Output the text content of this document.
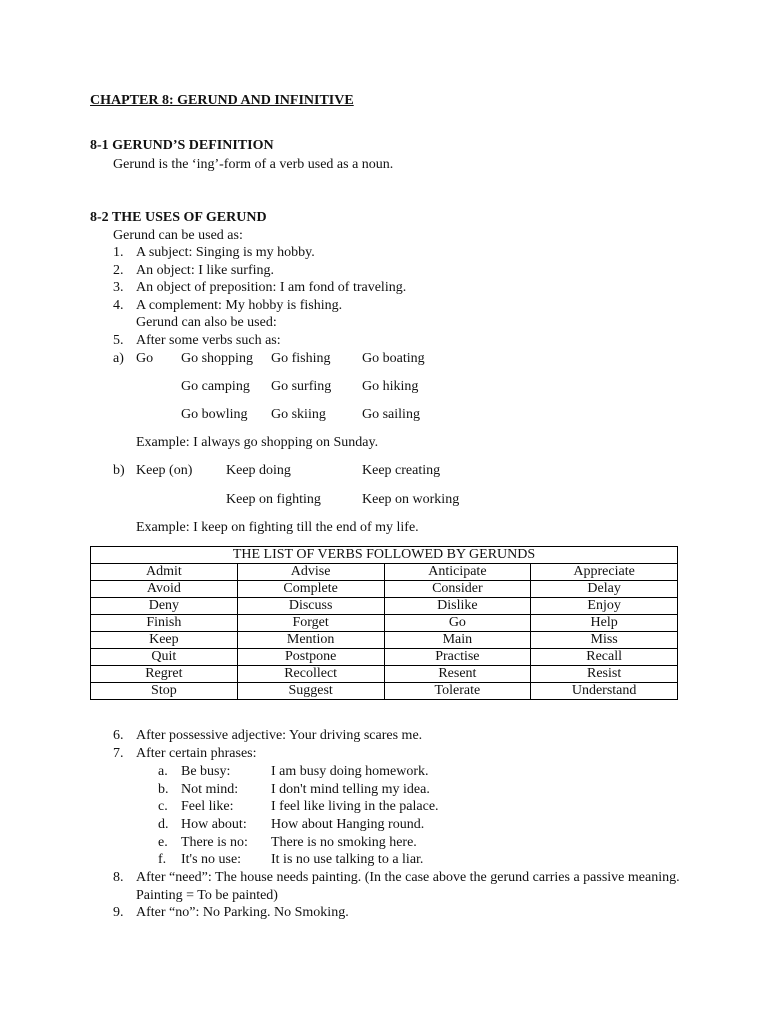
CHAPTER 8: GERUND AND INFINITIVE
8-1 GERUND’S DEFINITION
Gerund is the ‘ing’-form of a verb used as a noun.
8-2 THE USES OF GERUND
Gerund can be used as:
1. A subject: Singing is my hobby.
2. An object: I like surfing.
3. An object of preposition: I am fond of traveling.
4. A complement: My hobby is fishing.
Gerund can also be used:
5. After some verbs such as:
a) Go Go shopping Go fishing Go boating
Go camping Go surfing Go hiking
Go bowling Go skiing	Go sailing
Example: I always go shopping on Sunday.
b) Keep (on) Keep doing	Keep creating
Keep on fighting	Keep on working
Example: I keep on fighting till the end of my life.
THE LIST OF VERBS FOLLOWED BY GERUNDS			
Admit	Advise	Anticipate	Appreciate
Avoid	Complete	Consider	Delay
Deny	Discuss	Dislike	Enjoy
Finish	Forget	Go	Help
Keep	Mention	Main	Miss
Quit	Postpone	Practise	Recall
Regret	Recollect	Resent	Resist
Stop	Suggest	Tolerate	Understand
6. After possessive adjective: Your driving scares me.
7. After certain phrases:
a. Be busy:	I am busy doing homework.
b. Not mind: I don't mind telling my idea.
c. Feel like:	I feel like living in the palace.
d. How about: How about Hanging round.
e. There is no: There is no smoking here.
f. It's no use: It is no use talking to a liar.
8. After “need”: The house needs painting. (In the case above the gerund carries a passive meaning.
Painting = To be painted)
9. After “no”: No Parking. No Smoking.
